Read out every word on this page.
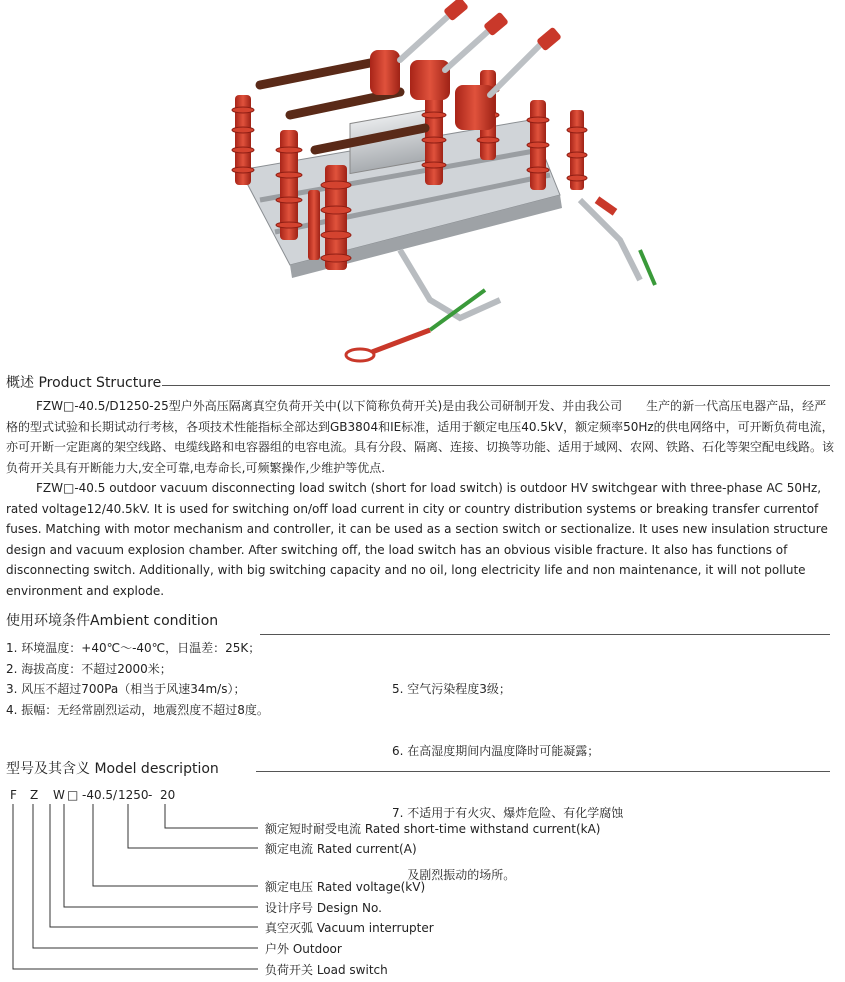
概述 Product Structure

FZW□-40.5/D1250-25型户外高压隔离真空负荷开关中(以下简称负荷开关)是由我公司研制开发、并由我公司　　生产的新一代高压电器产品，经严格的型式试验和长期试动行考核，各项技术性能指标全部达到GB3804和IE标准，适用于额定电压40.5kV，额定频率50Hz的供电网络中，可开断负荷电流，亦可开断一定距离的架空线路、电缆线路和电容器组的电容电流。具有分段、隔离、连接、切换等功能、适用于域网、农网、铁路、石化等架空配电线路。该负荷开关具有开断能力大,安全可靠,电寿命长,可频繁操作,少维护等优点.

FZW□-40.5 outdoor vacuum disconnecting load switch (short for load switch) is outdoor HV switchgear with three-phase AC 50Hz, rated voltage12/40.5kV. It is used for switching on/off load current in city or country distribution systems or breaking transfer currentof fuses. Matching with motor mechanism and controller, it can be used as a section switch or sectionalize. It uses new insulation structure design and vacuum explosion chamber. After switching off, the load switch has an obvious visible fracture. It also has functions of disconnecting switch. Additionally, with big switching capacity and no oil, long electricity life and non maintenance, it will not pollute environment and explode.

使用环境条件Ambient condition
1. 环境温度：+40℃～-40℃，日温差：25K；
2. 海拔高度：不超过2000米；
3. 风压不超过700Pa（相当于风速34m/s）；
4. 振幅：无经常剧烈运动，地震烈度不超过8度。

5. 空气污染程度3级；

6. 在高湿度期间内温度降时可能凝露；

7. 不适用于有火灾、爆炸危险、有化学腐蚀

及剧烈振动的场所。

型号及其含义 Model description
F Z W □ -40.5/ 1250 - 20
额定短时耐受电流 Rated short-time withstand current(kA)
额定电流 Rated current(A)
额定电压 Rated voltage(kV)
设计序号 Design No.
真空灭弧 Vacuum interrupter
户外 Outdoor
负荷开关 Load switch
